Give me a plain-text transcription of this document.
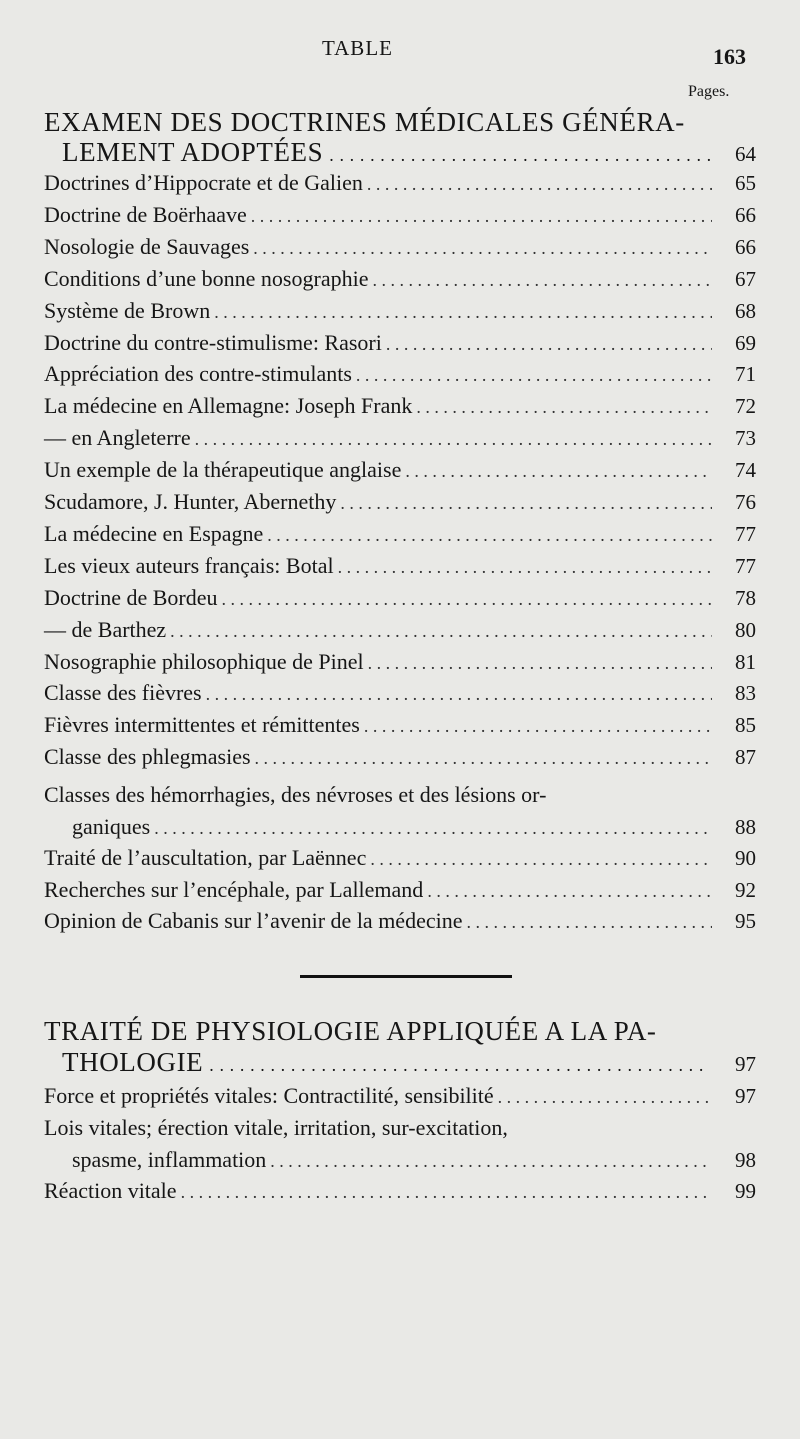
TABLE	163
Pages.
EXAMEN DES DOCTRINES MÉDICALES GÉNÉRA-
LEMENT ADOPTÉES . . .	64
Doctrines d’Hippocrate et de Galien . . .	65
Doctrine de Boërhaave . . .	66
Nosologie de Sauvages . . .	66
Conditions d’une bonne nosographie . . .	67
Système de Brown . . .	68
Doctrine du contre-stimulisme: Rasori . . .	69
Appréciation des contre-stimulants . . .	71
La médecine en Allemagne: Joseph Frank . . .	72
— en Angleterre . . .	73
Un exemple de la thérapeutique anglaise . . .	74
Scudamore, J. Hunter, Abernethy . . .	76
La médecine en Espagne . . .	77
Les vieux auteurs français: Botal . . .	77
Doctrine de Bordeu . . .	78
— de Barthez . . .	80
Nosographie philosophique de Pinel . . .	81
Classe des fièvres . . .	83
Fièvres intermittentes et rémittentes . . .	85
Classe des phlegmasies . . .	87
Classes des hémorrhagies, des névroses et des lésions or-
ganiques . . .	88
Traité de l’auscultation, par Laënnec . . .	90
Recherches sur l’encéphale, par Lallemand . . .	92
Opinion de Cabanis sur l’avenir de la médecine . . .	95
TRAITÉ DE PHYSIOLOGIE APPLIQUÉE A LA PA-
THOLOGIE . . .	97
Force et propriétés vitales: Contractilité, sensibilité . . .	97
Lois vitales; érection vitale, irritation, sur-excitation,
spasme, inflammation . . .	98
Réaction vitale . . .	99
